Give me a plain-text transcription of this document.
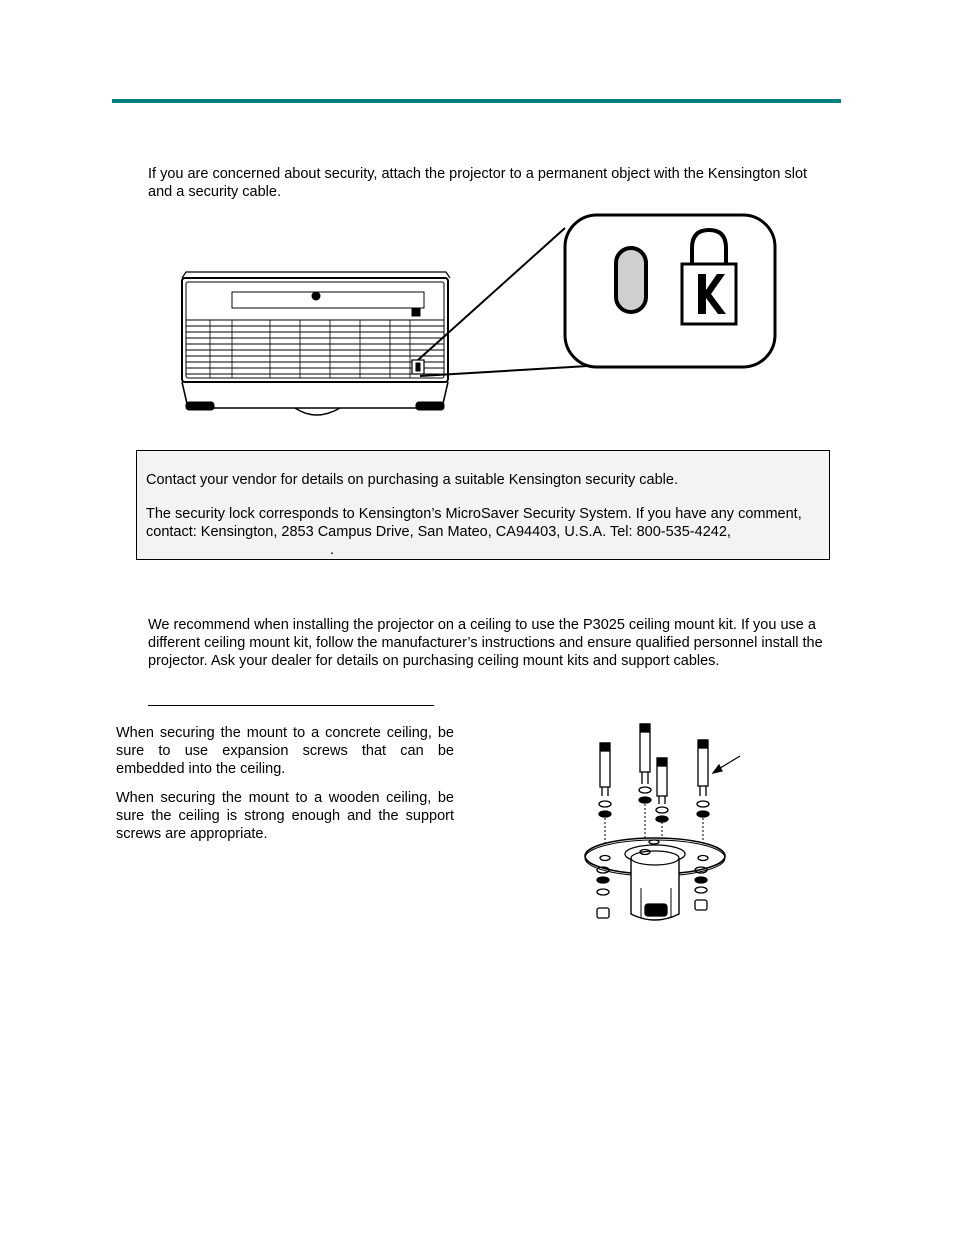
If you are concerned about security, attach the projector to a permanent object with the Kensington slot and a security cable.

Contact your vendor for details on purchasing a suitable Kensington security cable.
The security lock corresponds to Kensington’s MicroSaver Security System. If you have any comment, contact: Kensington, 2853 Campus Drive, San Mateo, CA94403, U.S.A. Tel: 800-535-4242,
.

We recommend when installing the projector on a ceiling to use the P3025 ceiling mount kit. If you use a different ceiling mount kit, follow the manufacturer’s instructions and ensure qualified personnel install the projector. Ask your dealer for details on purchasing ceiling mount kits and support cables.

When securing the mount to a concrete ceiling, be sure to use expansion screws that can be embedded into the ceiling.

When securing the mount to a wooden ceiling, be sure the ceiling is strong enough and the support screws are appropriate.
